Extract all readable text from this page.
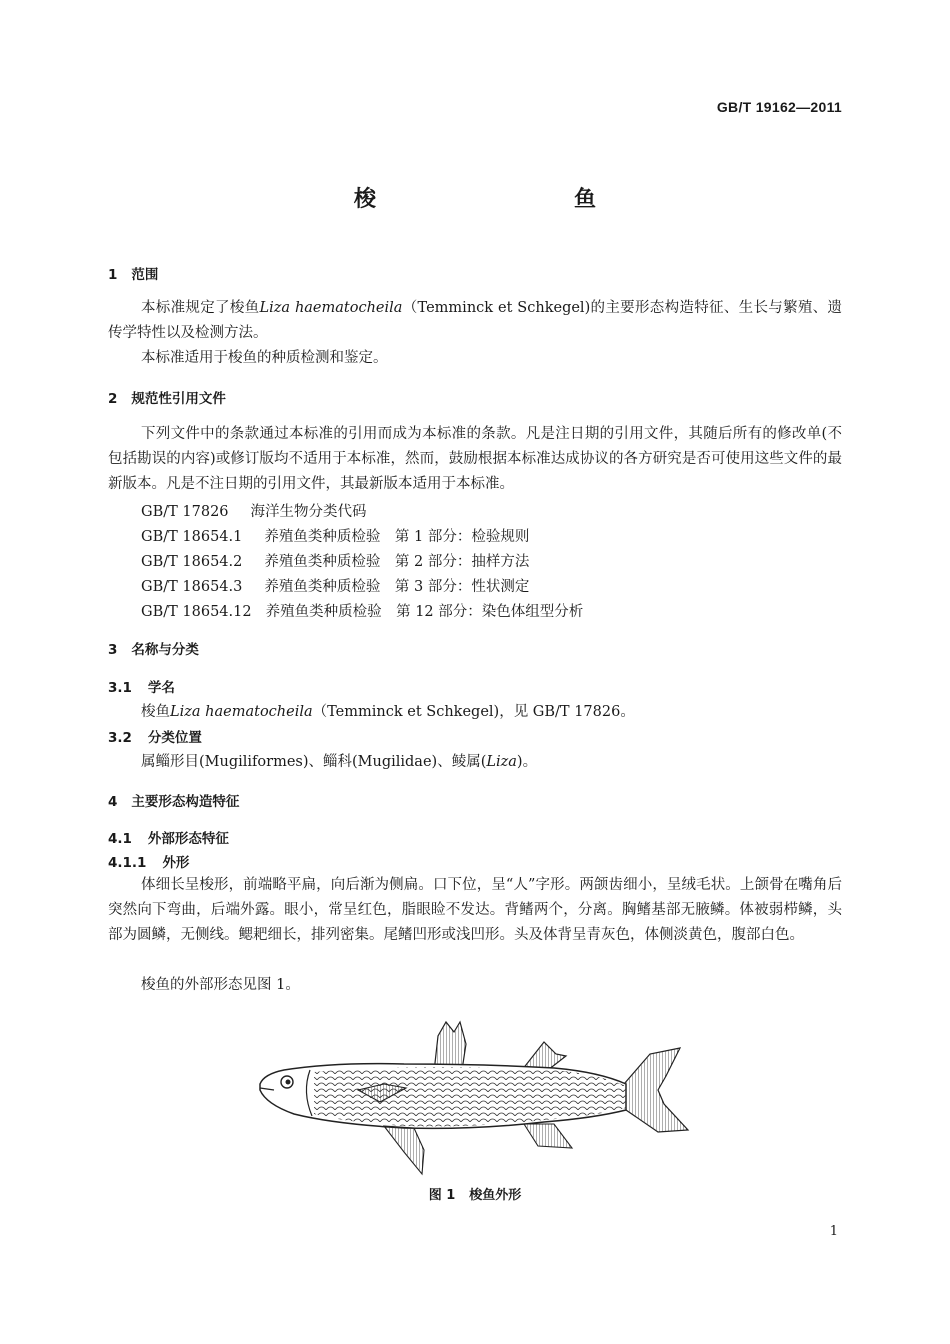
GB/T 19162—2011
梭　鱼
1 范围
本标准规定了梭鱼Liza haematocheila（Temminck et Schkegel)的主要形态构造特征、生长与繁殖、遗传学特性以及检测方法。
本标准适用于梭鱼的种质检测和鉴定。
2 规范性引用文件
下列文件中的条款通过本标准的引用而成为本标准的条款。凡是注日期的引用文件，其随后所有的修改单(不包括勘误的内容)或修订版均不适用于本标准，然而，鼓励根据本标准达成协议的各方研究是否可使用这些文件的最新版本。凡是不注日期的引用文件，其最新版本适用于本标准。
GB/T 17826 海洋生物分类代码
GB/T 18654.1 养殖鱼类种质检验　第 1 部分：检验规则
GB/T 18654.2 养殖鱼类种质检验　第 2 部分：抽样方法
GB/T 18654.3 养殖鱼类种质检验　第 3 部分：性状测定
GB/T 18654.12 养殖鱼类种质检验　第 12 部分：染色体组型分析
3 名称与分类
3.1 学名
梭鱼Liza haematocheila（Temminck et Schkegel)，见 GB/T 17826。
3.2 分类位置
属鲻形目(Mugiliformes)、鲻科(Mugilidae)、鲮属(Liza)。
4 主要形态构造特征
4.1 外部形态特征
4.1.1 外形
体细长呈梭形，前端略平扁，向后渐为侧扁。口下位，呈“人”字形。两颌齿细小，呈绒毛状。上颌骨在嘴角后突然向下弯曲，后端外露。眼小，常呈红色，脂眼睑不发达。背鳍两个，分离。胸鳍基部无腋鳞。体被弱栉鳞，头部为圆鳞，无侧线。鳃耙细长，排列密集。尾鳍凹形或浅凹形。头及体背呈青灰色，体侧淡黄色，腹部白色。
梭鱼的外部形态见图 1。
图 1 梭鱼外形
1
